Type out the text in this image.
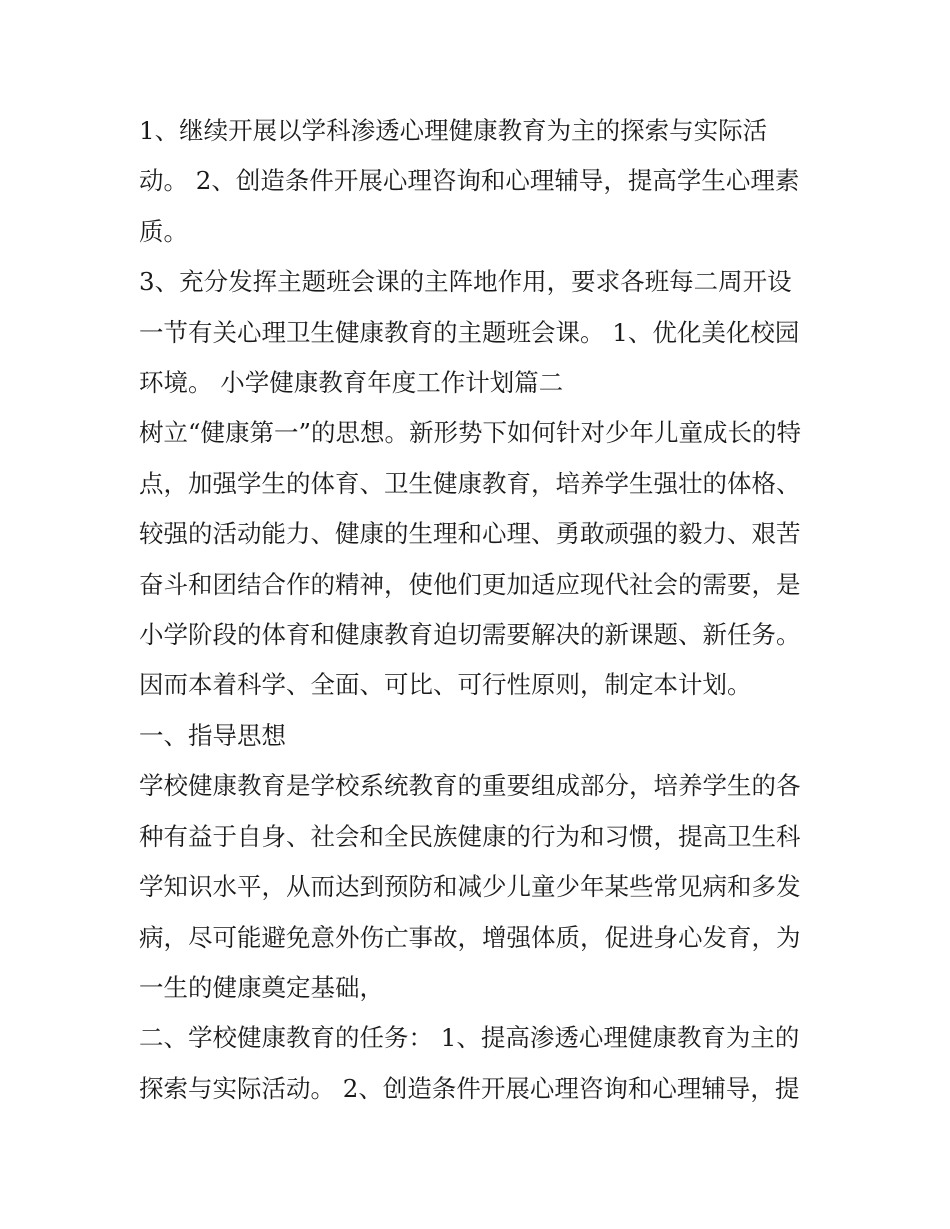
1、继续开展以学科渗透心理健康教育为主的探索与实际活
动。 2、创造条件开展心理咨询和心理辅导，提高学生心理素
质。

3、充分发挥主题班会课的主阵地作用，要求各班每二周开设
一节有关心理卫生健康教育的主题班会课。 1、优化美化校园
环境。 小学健康教育年度工作计划篇二

树立“健康第一”的思想。新形势下如何针对少年儿童成长的特
点，加强学生的体育、卫生健康教育，培养学生强壮的体格、
较强的活动能力、健康的生理和心理、勇敢顽强的毅力、艰苦
奋斗和团结合作的精神，使他们更加适应现代社会的需要，是
小学阶段的体育和健康教育迫切需要解决的新课题、新任务。
因而本着科学、全面、可比、可行性原则，制定本计划。

一、指导思想

学校健康教育是学校系统教育的重要组成部分，培养学生的各
种有益于自身、社会和全民族健康的行为和习惯，提高卫生科
学知识水平，从而达到预防和减少儿童少年某些常见病和多发
病，尽可能避免意外伤亡事故，增强体质，促进身心发育，为
一生的健康奠定基础，

二、学校健康教育的任务： 1、提高渗透心理健康教育为主的
探索与实际活动。 2、创造条件开展心理咨询和心理辅导，提
